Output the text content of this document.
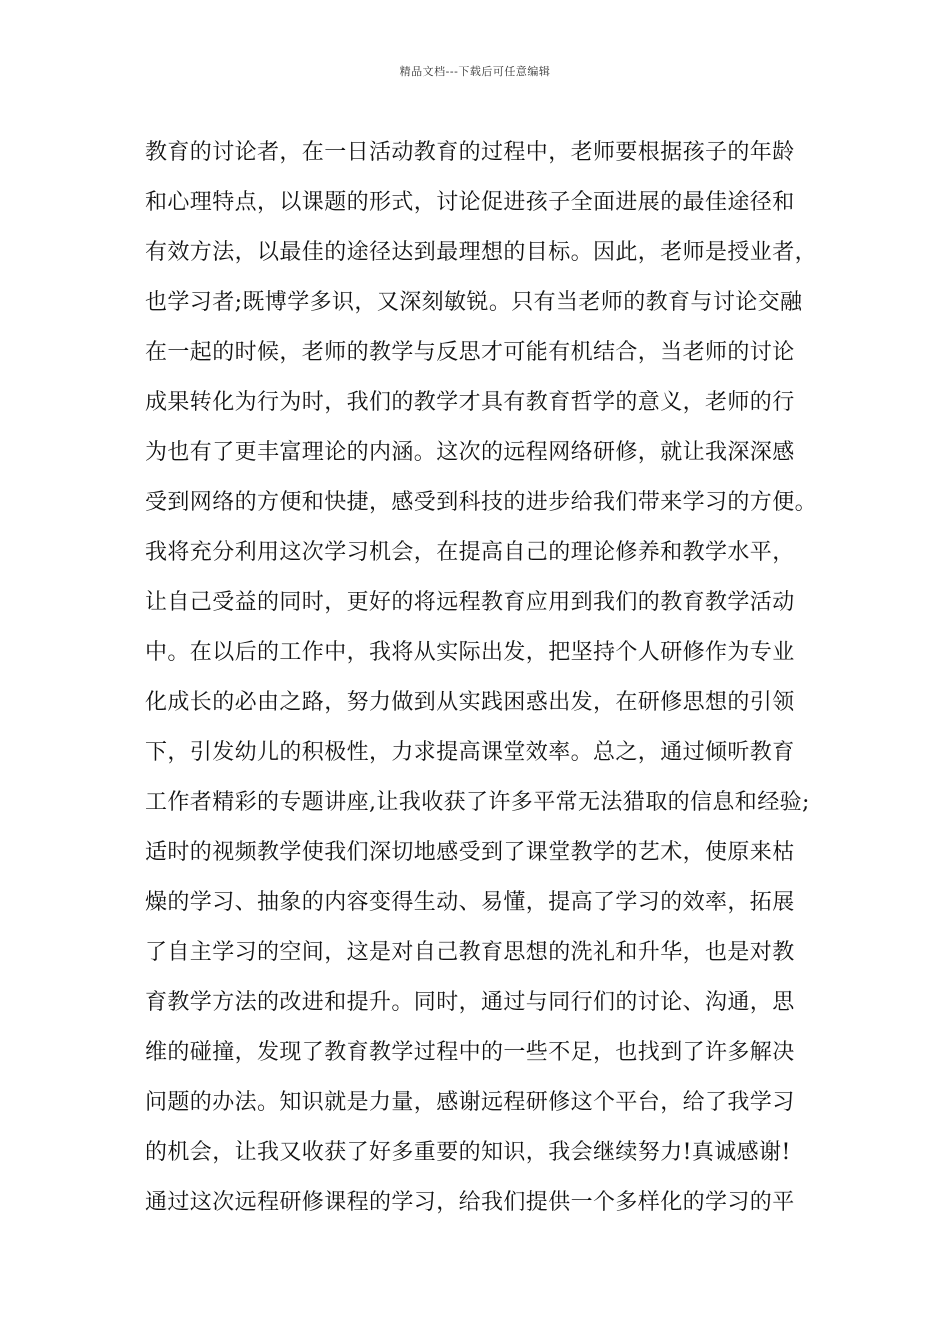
精品文档---下载后可任意编辑
教育的讨论者，在一日活动教育的过程中，老师要根据孩子的年龄
和心理特点，以课题的形式，讨论促进孩子全面进展的最佳途径和
有效方法，以最佳的途径达到最理想的目标。因此，老师是授业者，
也学习者;既博学多识，又深刻敏锐。只有当老师的教育与讨论交融
在一起的时候，老师的教学与反思才可能有机结合，当老师的讨论
成果转化为行为时，我们的教学才具有教育哲学的意义，老师的行
为也有了更丰富理论的内涵。这次的远程网络研修，就让我深深感
受到网络的方便和快捷，感受到科技的进步给我们带来学习的方便。
我将充分利用这次学习机会，在提高自己的理论修养和教学水平，
让自己受益的同时，更好的将远程教育应用到我们的教育教学活动
中。在以后的工作中，我将从实际出发，把坚持个人研修作为专业
化成长的必由之路，努力做到从实践困惑出发，在研修思想的引领
下，引发幼儿的积极性，力求提高课堂效率。总之，通过倾听教育
工作者精彩的专题讲座,让我收获了许多平常无法猎取的信息和经验;
适时的视频教学使我们深切地感受到了课堂教学的艺术，使原来枯
燥的学习、抽象的内容变得生动、易懂，提高了学习的效率，拓展
了自主学习的空间，这是对自己教育思想的洗礼和升华，也是对教
育教学方法的改进和提升。同时，通过与同行们的讨论、沟通，思
维的碰撞，发现了教育教学过程中的一些不足，也找到了许多解决
问题的办法。知识就是力量，感谢远程研修这个平台，给了我学习
的机会，让我又收获了好多重要的知识，我会继续努力!真诚感谢!
通过这次远程研修课程的学习，给我们提供一个多样化的学习的平
